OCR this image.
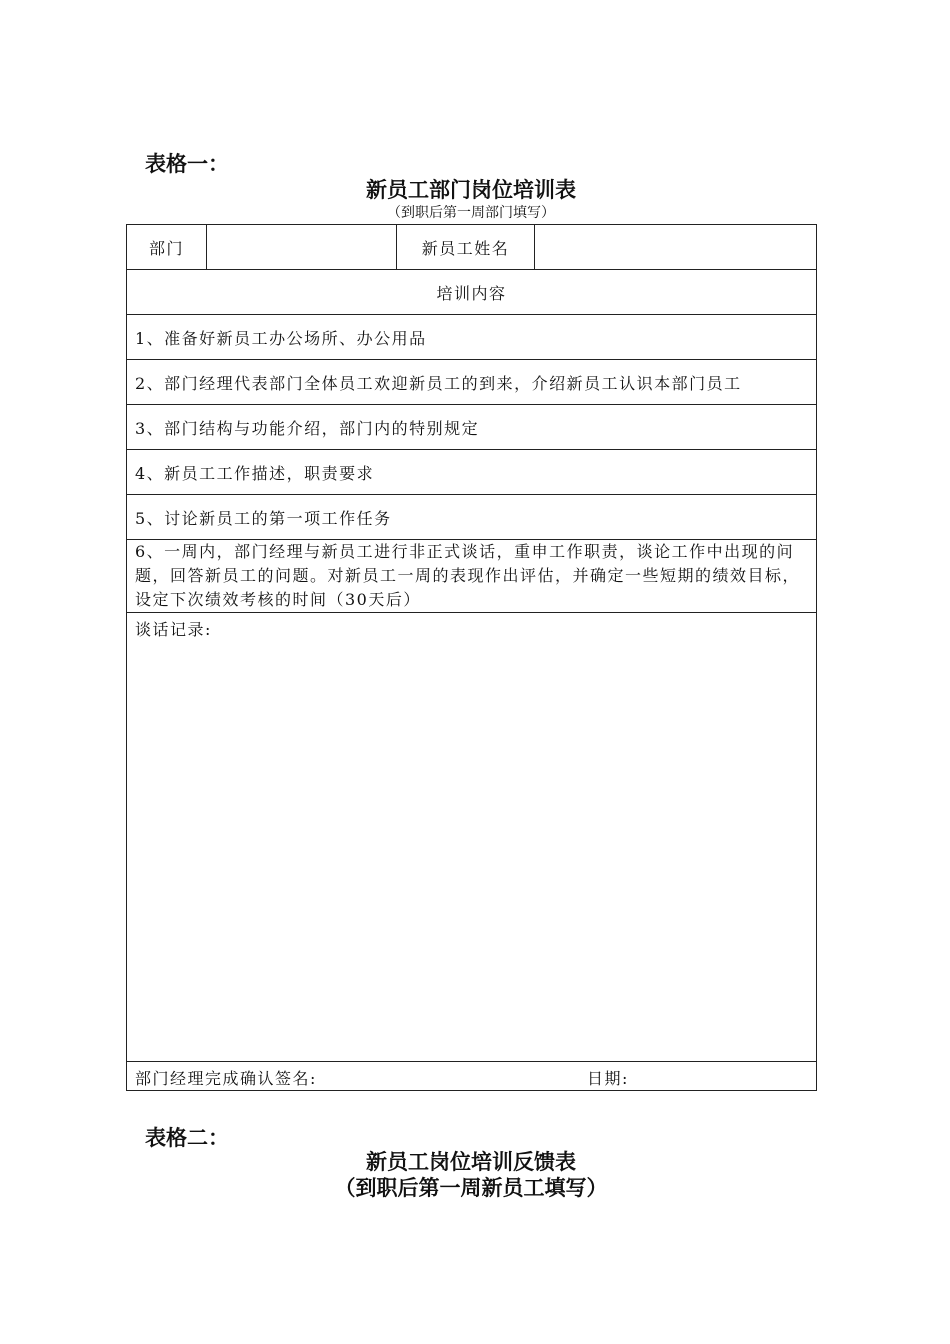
表格一：
新员工部门岗位培训表
（到职后第一周部门填写）
部门		新员工姓名	
培训内容
1、准备好新员工办公场所、办公用品
2、部门经理代表部门全体员工欢迎新员工的到来，介绍新员工认识本部门员工
3、部门结构与功能介绍，部门内的特别规定
4、新员工工作描述，职责要求
5、讨论新员工的第一项工作任务
6、一周内，部门经理与新员工进行非正式谈话，重申工作职责，谈论工作中出现的问题，回答新员工的问题。对新员工一周的表现作出评估，并确定一些短期的绩效目标，设定下次绩效考核的时间（30天后）
谈话记录:

部门经理完成确认签名:	日期:
表格二：
新员工岗位培训反馈表
（到职后第一周新员工填写）
